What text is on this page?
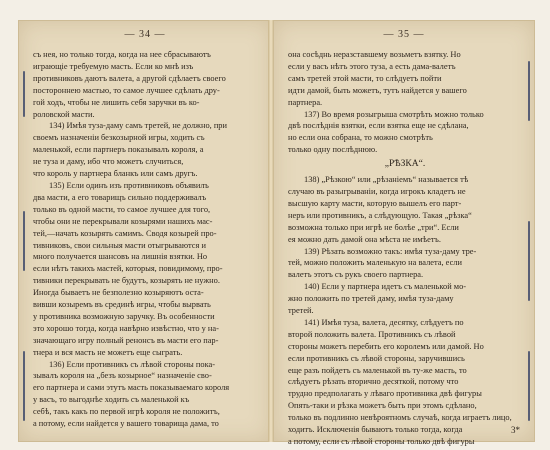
— 34 —
съ нея, но только тогда, когда на нее сбрасываютъ
играющіе требуемую масть. Если ко мнѣ изъ
противниковъ даютъ валета, а другой сдѣлаетъ своего
постороннею мастью, то самое лучшее сдѣлать дру-
гой ходъ, чтобы не лишить себя заручки въ ко-
роловской масти.
134) Имѣя туза-даму самъ третей, не должно, при
своемъ назначеніи безкозырной игры, ходить съ
маленькой, если партнеръ показывалъ короля, а
не туза и даму, ибо что можетъ случиться,
что король у партнера бланкъ или самъ другъ.
135) Если одинъ изъ противниковъ объявилъ
два масти, а его товарищъ сильно поддерживалъ
только въ одной масти, то самое лучшее для того,
чтобы они не перекрывали козырями нашихъ мас-
тей,—начать козырять самимъ. Сводя козырей про-
тивниковъ, свои сильныя масти отыгрываются и
много получается шансовъ на лишнія взятки. Но
если нѣтъ такихъ мастей, которыя, повидимому, про-
тивники перекрывать не будутъ, козырять не нужно.
Иногда бываетъ не безполезно козыряютъ оста-
вивши козыремъ въ срединѣ игры, чтобы вырвать
у противника возможную заручку. Въ особенности
это хорошо тогда, когда навѣрно извѣстно, что у на-
значающаго игру полный ренонсъ въ масти его пар-
тнера и вся масть не можетъ еще сыграть.
136) Если противникъ съ лѣвой стороны пока-
зывалъ короля на „безъ козырное“ назначеніе сво-
его партнера и сами этутъ масть показываемаго короля
у васъ, то выгоднѣе ходить съ маленькой къ
себѣ, такъ какъ по первой игрѣ короля не положитъ,
а потому, если найдется у вашего товарища дама, то
— 35 —
она сосѣднь неразставшему возьметъ взятку. Но
если у васъ нѣтъ этого туза, а есть дама-валетъ
самъ третей этой масти, то слѣдуетъ пойти
идти дамой, быть можетъ, тутъ найдется у вашего
партнера.
137) Во время розыгрыша смотрѣть можно только
двѣ послѣднія взятки, если взятка еще не сдѣлана,
но если она собрана, то можно смотрѣть
только одну послѣднюю.
„РѢЗКА“.
138) „Рѣзкою“ или „рѣзаніемъ“ называется тѣ
случаю въ разыгрываніи, когда игрокъ кладетъ не
высшую карту масти, которую вышелъ его парт-
неръ или противникъ, а слѣдующую. Такая „рѣзка“
возможна только при игрѣ не болѣе „три“. Если
ея можно дать дамой она мѣста не имѣетъ.
139) Рѣзать возможно такъ: имѣя туза-даму тре-
тей, можно положить маленькую на валета, если
валетъ этотъ съ рукъ своего партнера.
140) Если у партнера идетъ съ маленькой мо-
жно положить по третей даму, имѣя туза-даму
третей.
141) Имѣя туза, валета, десятку, слѣдуетъ по
второй положить валета. Противникъ съ лѣвой
стороны можетъ перебить его королемъ или дамой. Но
если противникъ съ лѣвой стороны, заручившись
еще разъ пойдетъ съ маленькой въ ту-же масть, то
слѣдуетъ рѣзать вторично десяткой, потому что
трудно предполагать у лѣваго противника двѣ фигуры
Опять-таки и рѣзка можетъ быть при этомъ сдѣлано,
только въ подлинно невѣроятномъ случаѣ, когда играетъ лицо,
ходитъ. Исключенія бываютъ только тогда, когда
а потому, если съ лѣвой стороны только двѣ фигуры
3*
